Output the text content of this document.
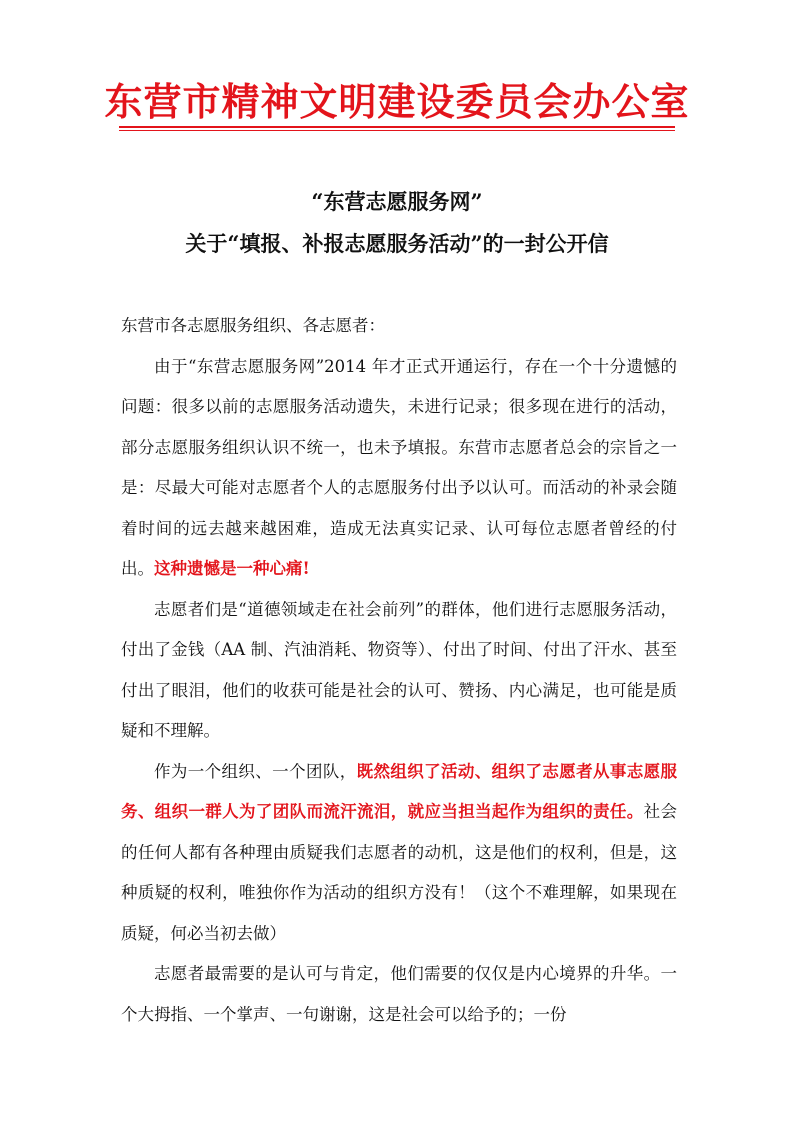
东营市精神文明建设委员会办公室
“东营志愿服务网”
关于“填报、补报志愿服务活动”的一封公开信

东营市各志愿服务组织、各志愿者：

由于“东营志愿服务网”2014 年才正式开通运行，存在一个十分遗憾的问题：很多以前的志愿服务活动遗失，未进行记录；很多现在进行的活动，部分志愿服务组织认识不统一，也未予填报。东营市志愿者总会的宗旨之一是：尽最大可能对志愿者个人的志愿服务付出予以认可。而活动的补录会随着时间的远去越来越困难，造成无法真实记录、认可每位志愿者曾经的付出。这种遗憾是一种心痛!

志愿者们是“道德领域走在社会前列”的群体，他们进行志愿服务活动，付出了金钱（AA 制、汽油消耗、物资等）、付出了时间、付出了汗水、甚至付出了眼泪，他们的收获可能是社会的认可、赞扬、内心满足，也可能是质疑和不理解。

作为一个组织、一个团队，既然组织了活动、组织了志愿者从事志愿服务、组织一群人为了团队而流汗流泪，就应当担当起作为组织的责任。社会的任何人都有各种理由质疑我们志愿者的动机，这是他们的权利，但是，这种质疑的权利，唯独你作为活动的组织方没有！（这个不难理解，如果现在质疑，何必当初去做）

志愿者最需要的是认可与肯定，他们需要的仅仅是内心境界的升华。一个大拇指、一个掌声、一句谢谢，这是社会可以给予的；一份
